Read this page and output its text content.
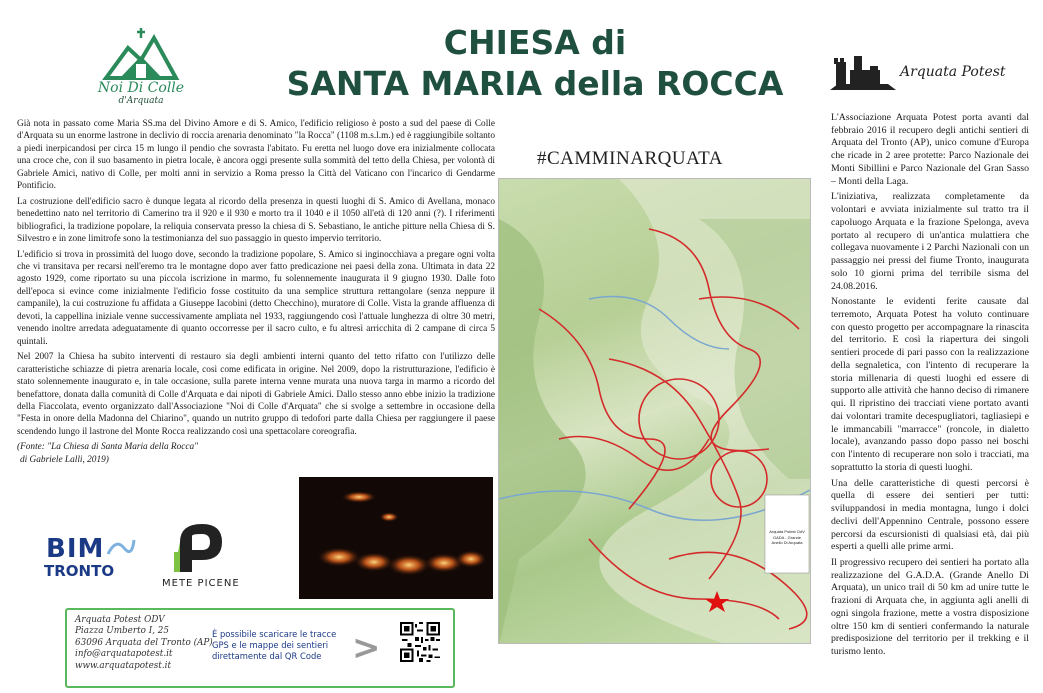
Noi Di Colle
d'Arquata
CHIESA di
SANTA MARIA della ROCCA	Arquata Potest

Già nota in passato come Maria SS.ma del Divino Amore e di S. Amico, l'edificio religioso è posto a sud del paese di Colle d'Arquata su un enorme lastrone in declivio di roccia arenaria denominato "la Rocca" (1108 m.s.l.m.) ed è raggiungibile soltanto a piedi inerpicandosi per circa 15 m lungo il pendio che sovrasta l'abitato. Fu eretta nel luogo dove era inizialmente collocata una croce che, con il suo basamento in pietra locale, è ancora oggi presente sulla sommità del tetto della Chiesa, per volontà di Gabriele Amici, nativo di Colle, per molti anni in servizio a Roma presso la Città del Vaticano con l'incarico di Gendarme Pontificio.

La costruzione dell'edificio sacro è dunque legata al ricordo della presenza in questi luoghi di S. Amico di Avellana, monaco benedettino nato nel territorio di Camerino tra il 920 e il 930 e morto tra il 1040 e il 1050 all'età di 120 anni (?). I riferimenti bibliografici, la tradizione popolare, la reliquia conservata presso la chiesa di S. Sebastiano, le antiche pitture nella Chiesa di S. Silvestro e in zone limitrofe sono la testimonianza del suo passaggio in questo impervio territorio.

L'edificio si trova in prossimità del luogo dove, secondo la tradizione popolare, S. Amico si inginocchiava a pregare ogni volta che vi transitava per recarsi nell'eremo tra le montagne dopo aver fatto predicazione nei paesi della zona. Ultimata in data 22 agosto 1929, come riportato su una piccola iscrizione in marmo, fu solennemente inaugurata il 9 giugno 1930. Dalle foto dell'epoca si evince come inizialmente l'edificio fosse costituito da una semplice struttura rettangolare (senza neppure il campanile), la cui costruzione fu affidata a Giuseppe Iacobini (detto Checchino), muratore di Colle. Vista la grande affluenza di devoti, la cappellina iniziale venne successivamente ampliata nel 1933, raggiungendo così l'attuale lunghezza di oltre 30 metri, venendo inoltre arredata adeguatamente di quanto occorresse per il sacro culto, e fu altresì arricchita di 2 campane di circa 5 quintali.

Nel 2007 la Chiesa ha subito interventi di restauro sia degli ambienti interni quanto del tetto rifatto con l'utilizzo delle caratteristiche schiazze di pietra arenaria locale, così come edificata in origine. Nel 2009, dopo la ristrutturazione, l'edificio è stato solennemente inaugurato e, in tale occasione, sulla parete interna venne murata una nuova targa in marmo a ricordo del benefattore, donata dalla comunità di Colle d'Arquata e dai nipoti di Gabriele Amici. Dallo stesso anno ebbe inizio la tradizione della Fiaccolata, evento organizzato dall'Associazione "Noi di Colle d'Arquata" che si svolge a settembre in occasione della "Festa in onore della Madonna del Chiarino", quando un nutrito gruppo di tedofori parte dalla Chiesa per raggiungere il paese scendendo lungo il lastrone del Monte Rocca realizzando così una spettacolare coreografia.

(Fonte: "La Chiesa di Santa Maria della Rocca"
di Gabriele Lalli, 2019)
#CAMMINARQUATA
Arquata Potest OdV
GADA - Grande Anello Di Arquata

L'Associazione Arquata Potest porta avanti dal febbraio 2016 il recupero degli antichi sentieri di Arquata del Tronto (AP), unico comune d'Europa che ricade in 2 aree protette: Parco Nazionale dei Monti Sibillini e Parco Nazionale del Gran Sasso – Monti della Laga.

L'iniziativa, realizzata completamente da volontari e avviata inizialmente sul tratto tra il capoluogo Arquata e la frazione Spelonga, aveva portato al recupero di un'antica mulattiera che collegava nuovamente i 2 Parchi Nazionali con un passaggio nei pressi del fiume Tronto, inaugurata solo 10 giorni prima del terribile sisma del 24.08.2016.

Nonostante le evidenti ferite causate dal terremoto, Arquata Potest ha voluto continuare con questo progetto per accompagnare la rinascita del territorio. E così la riapertura dei singoli sentieri procede di pari passo con la realizzazione della segnaletica, con l'intento di recuperare la storia millenaria di questi luoghi ed essere di supporto alle attività che hanno deciso di rimanere qui. Il ripristino dei tracciati viene portato avanti dai volontari tramite decespugliatori, tagliasiepi e le immancabili "marracce" (roncole, in dialetto locale), avanzando passo dopo passo nei boschi con l'intento di recuperare non solo i tracciati, ma soprattutto la storia di questi luoghi.

Una delle caratteristiche di questi percorsi è quella di essere dei sentieri per tutti: sviluppandosi in media montagna, lungo i dolci declivi dell'Appennino Centrale, possono essere percorsi da escursionisti di qualsiasi età, dai più esperti a quelli alle prime armi.

Il progressivo recupero dei sentieri ha portato alla realizzazione del G.A.D.A. (Grande Anello Di Arquata), un unico trail di 50 km ad unire tutte le frazioni di Arquata che, in aggiunta agli anelli di ogni singola frazione, mette a vostra disposizione oltre 150 km di sentieri confermando la naturale predisposizione del territorio per il trekking e il turismo lento.

BIM
TRONTO
METE PICENE
Arquata Potest ODV
Piazza Umberto I, 25
63096 Arquata del Tronto (AP)
info@arquatapotest.it
www.arquatapotest.it
È possibile scaricare le tracce GPS e le mappe dei sentieri direttamente dal QR Code >
